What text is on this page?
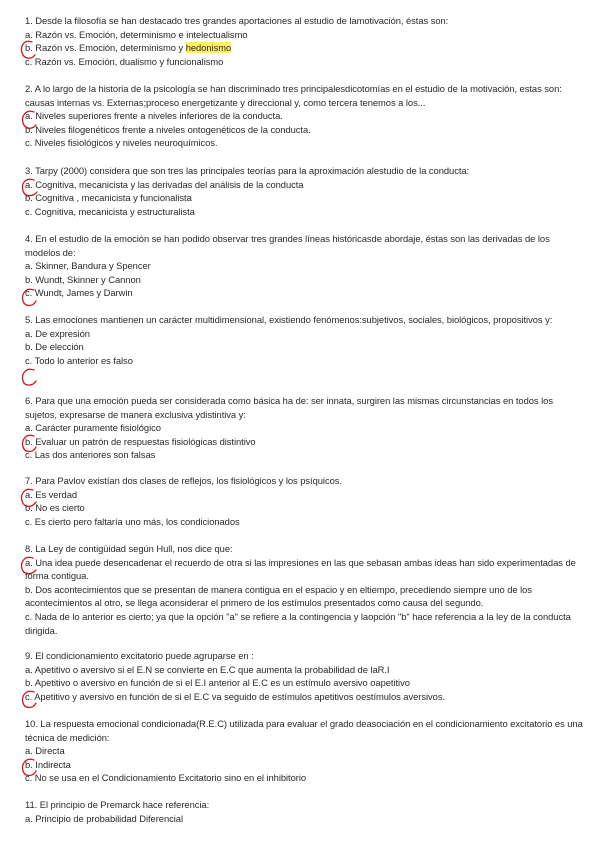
1. Desde la filosofía se han destacado tres grandes aportaciones al estudio de lamotivación, éstas son:

a. Razón vs. Emoción, determinismo e intelectualismo

b. Razón vs. Emoción, determinismo y hedonismo

c. Razón vs. Emoción, dualismo y funcionalismo

2. A lo largo de la historia de la psicología se han discriminado tres principalesdicotomías en el estudio de la motivación, estas son: causas internas vs. Externas;proceso energetizante y direccional y, como tercera tenemos a los...

a. Niveles superiores frente a niveles inferiores de la conducta.

b. Niveles filogenéticos frente a niveles ontogenéticos de la conducta.

c. Niveles fisiológicos y niveles neuroquímicos.

3. Tarpy (2000) considera que son tres las principales teorías para la aproximación alestudio de la conducta:

a. Cognitiva, mecanicista y las derivadas del análisis de la conducta

b. Cognitiva , mecanicista y funcionalista

c. Cognitiva, mecanicista y estructuralista

4. En el estudio de la emoción se han podido observar tres grandes líneas históricasde abordaje, éstas son las derivadas de los modelos de:

a. Skinner, Bandura y Spencer

b. Wundt, Skinner y Cannon

c. Wundt, James y Darwin

5. Las emociones mantienen un carácter multidimensional, existiendo fenómenos:subjetivos, sociales, biológicos, propositivos y:

a. De expresión

b. De elección

c. Todo lo anterior es falso

6. Para que una emoción pueda ser considerada como básica ha de: ser innata, surgiren las mismas circunstancias en todos los sujetos, expresarse de manera exclusiva ydistintiva y:

a. Carácter puramente fisiológico

b. Evaluar un patrón de respuestas fisiológicas distintivo

c. Las dos anteriores son falsas

7. Para Pavlov existían dos clases de reflejos, los fisiológicos y los psíquicos.

a. Es verdad

b. No es cierto

c. Es cierto pero faltaría uno más, los condicionados

8. La Ley de contigüidad según Hull, nos dice que:

a. Una idea puede desencadenar el recuerdo de otra si las impresiones en las que sebasan ambas ideas han sido experimentadas de forma contigua.

b. Dos acontecimientos que se presentan de manera contigua en el espacio y en eltiempo, precediendo siempre uno de los acontecimientos al otro, se llega aconsiderar el primero de los estímulos presentados como causa del segundo.

c. Nada de lo anterior es cierto; ya que la opción "a" se refiere a la contingencia y laopción "b" hace referencia a la ley de la conducta dirigida.

9. El condicionamiento excitatorio puede agruparse en :

a. Apetitivo o aversivo si el E.N se convierte en E.C que aumenta la probabilidad de laR.I

b. Apetitivo o aversivo en función de si el E.I anterior al E.C es un estímulo aversivo oapetitivo

c. Apetitivo y aversivo en función de si el E.C va seguido de estímulos apetitivos oestímulos aversivos.

10. La respuesta emocional condicionada(R.E.C) utilizada para evaluar el grado deasociación en el condicionamiento excitatorio es una técnica de medición:

a. Directa

b. Indirecta

c. No se usa en el Condicionamiento Excitatorio sino en el inhibitorio

11. El principio de Premarck hace referencia:

a. Principio de probabilidad Diferencial
